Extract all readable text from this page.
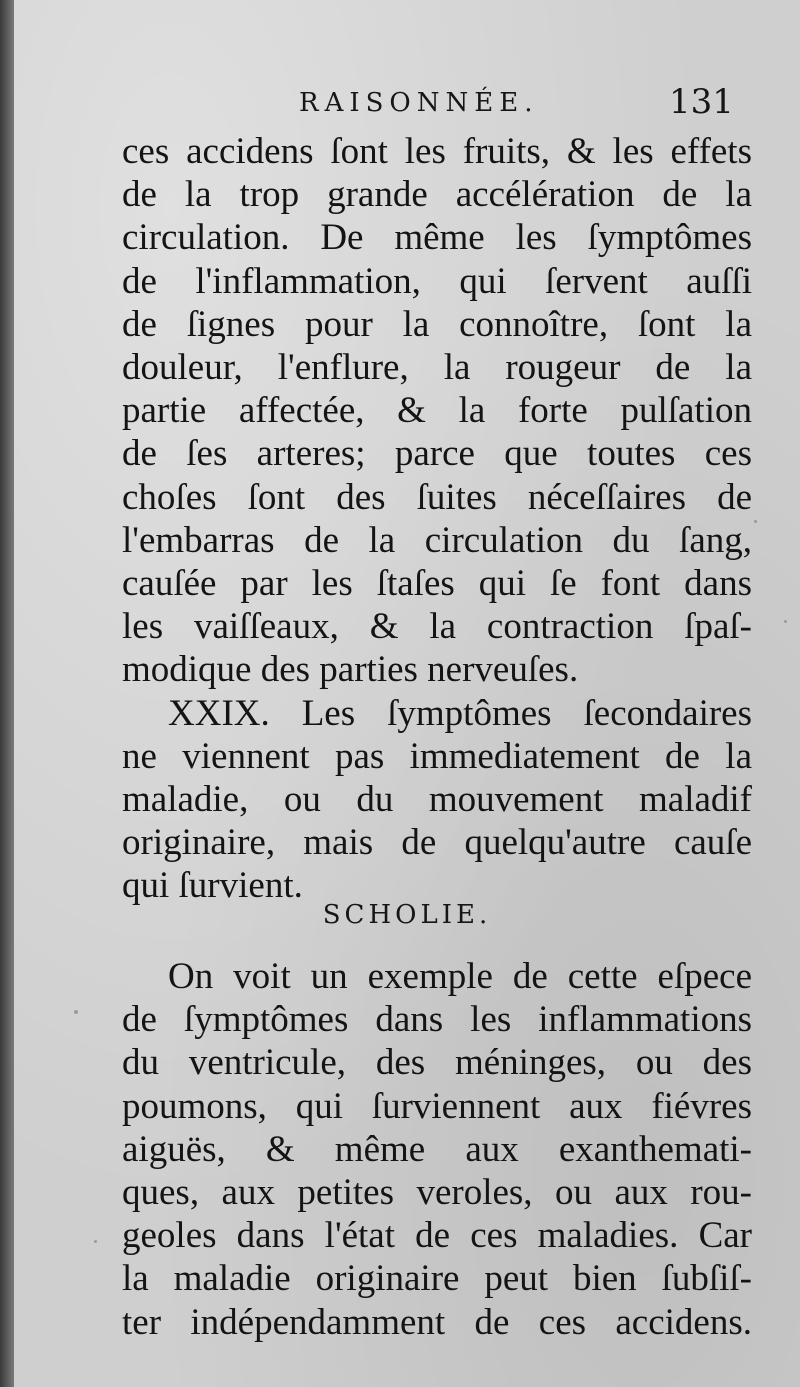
RAISONNÉE.	131
ces accidens ſont les fruits, & les effets
de la trop grande accélération de la
circulation. De même les ſymptômes
de l'inflammation, qui ſervent auſſi
de ſignes pour la connoître, ſont la
douleur, l'enflure, la rougeur de la
partie affectée, & la forte pulſation
de ſes arteres; parce que toutes ces
choſes ſont des ſuites néceſſaires de
l'embarras de la circulation du ſang,
cauſée par les ſtaſes qui ſe font dans
les vaiſſeaux, & la contraction ſpaſ-
modique des parties nerveuſes.
XXIX. Les ſymptômes ſecondaires
ne viennent pas immediatement de la
maladie, ou du mouvement maladif
originaire, mais de quelqu'autre cauſe
qui ſurvient.
SCHOLIE.
On voit un exemple de cette eſpece
de ſymptômes dans les inflammations
du ventricule, des méninges, ou des
poumons, qui ſurviennent aux fiévres
aiguës, & même aux exanthemati-
ques, aux petites veroles, ou aux rou-
geoles dans l'état de ces maladies. Car
la maladie originaire peut bien ſubſiſ-
ter indépendamment de ces accidens.
